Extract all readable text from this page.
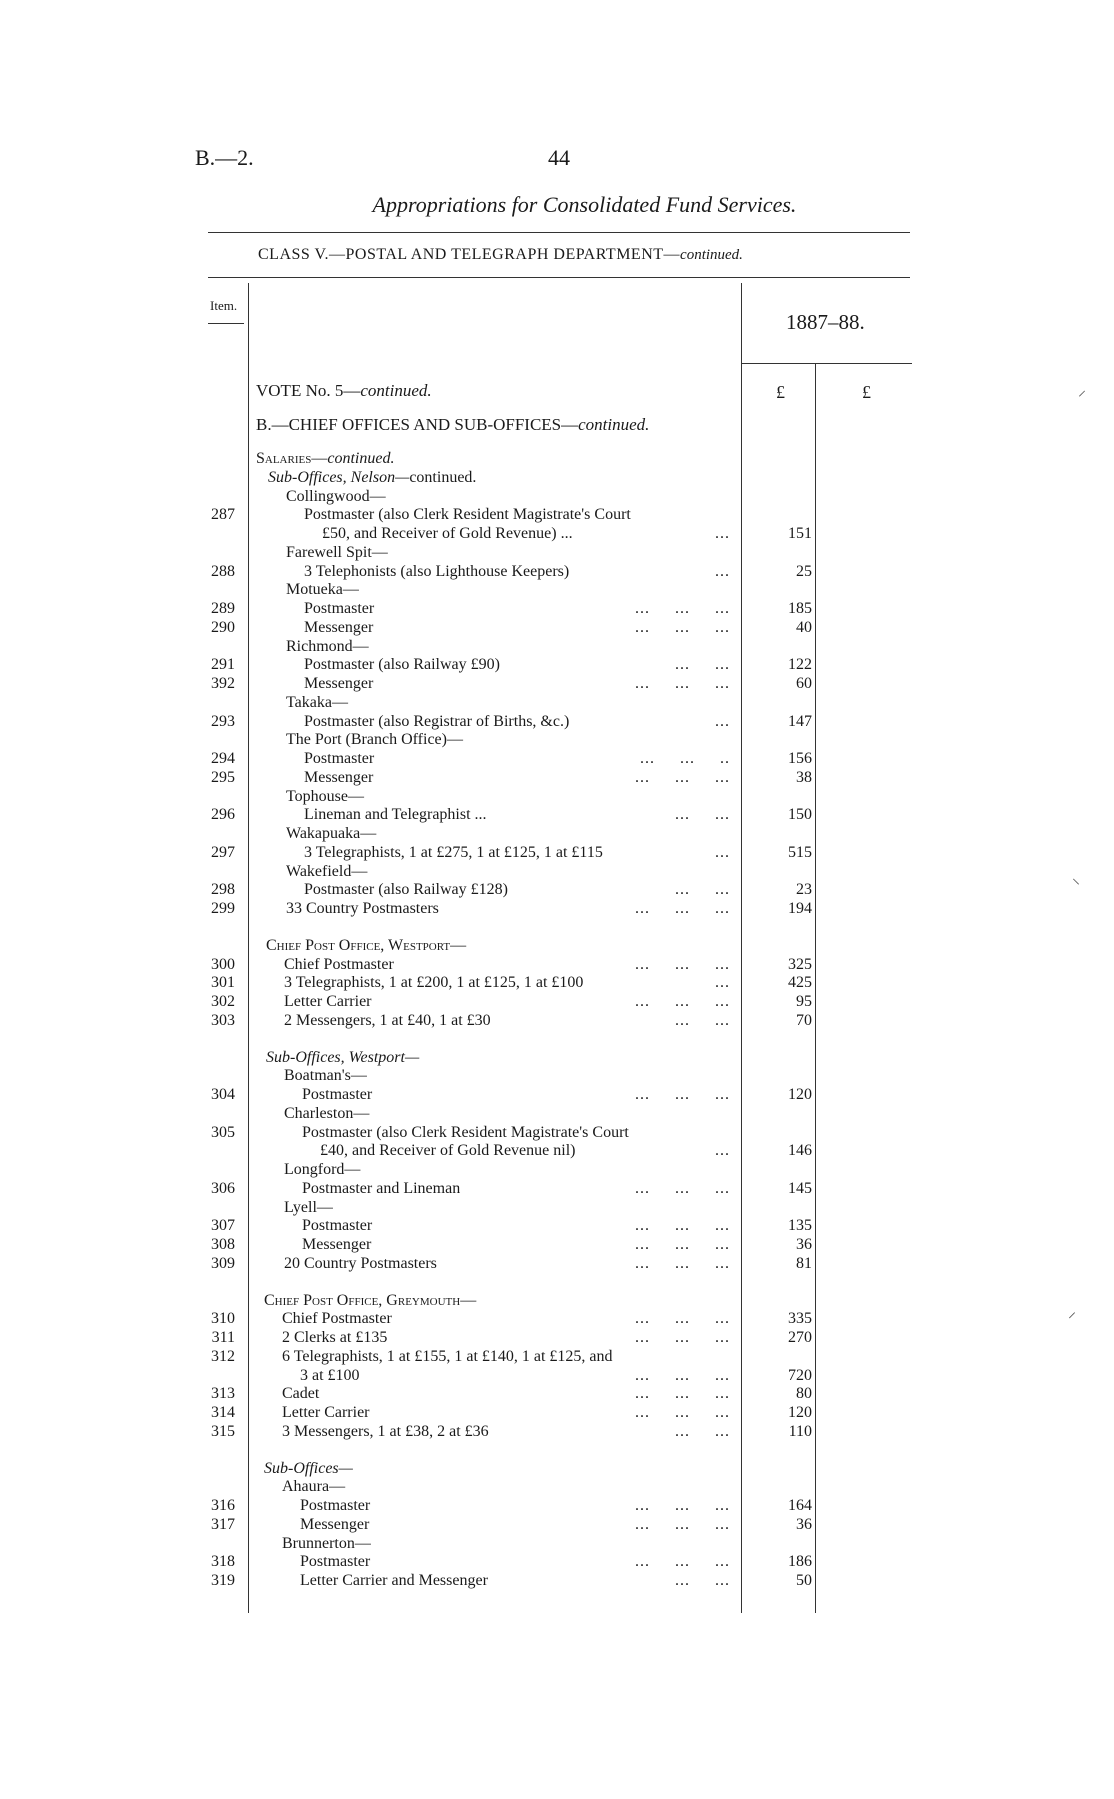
B.—2.	44
Appropriations for Consolidated Fund Services.
CLASS V.—POSTAL AND TELEGRAPH DEPARTMENT—continued.
Item.
1887–88.
£	£	⸍
⸌
⸝
VOTE No. 5—continued.
B.—CHIEF OFFICES AND SUB-OFFICES—continued.
Salaries—continued.
Sub-Offices, Nelson—continued.
Collingwood—
287	Postmaster (also Clerk Resident Magistrate's Court
£50, and Receiver of Gold Revenue) ...	...	151
Farewell Spit—
288	3 Telephonists (also Lighthouse Keepers)	...	25
Motueka—
289	Postmaster	...     ...     ...	185
290	Messenger	...     ...     ...	40
Richmond—
291	Postmaster (also Railway £90)	...     ...	122
392	Messenger	...     ...     ...	60
Takaka—
293	Postmaster (also Registrar of Births, &c.)	...	147
The Port (Branch Office)—
294	Postmaster	...     ...     ..	156
295	Messenger	...     ...     ...	38
Tophouse—
296	Lineman and Telegraphist ...	...     ...	150
Wakapuaka—
297	3 Telegraphists, 1 at £275, 1 at £125, 1 at £115	...	515
Wakefield—
298	Postmaster (also Railway £128)	...     ...	23
299	33 Country Postmasters	...     ...     ...	194
Chief Post Office, Westport—
300	Chief Postmaster	...     ...     ...	325
301	3 Telegraphists, 1 at £200, 1 at £125, 1 at £100	...	425
302	Letter Carrier	...     ...     ...	95
303	2 Messengers, 1 at £40, 1 at £30	...     ...	70
Sub-Offices, Westport—
Boatman's—
304	Postmaster	...     ...     ...	120
Charleston—
305	Postmaster (also Clerk Resident Magistrate's Court
£40, and Receiver of Gold Revenue nil)	...	146
Longford—
306	Postmaster and Lineman	...     ...     ...	145
Lyell—
307	Postmaster	...     ...     ...	135
308	Messenger	...     ...     ...	36
309	20 Country Postmasters	...     ...     ...	81
Chief Post Office, Greymouth—
310	Chief Postmaster	...     ...     ...	335
311	2 Clerks at £135	...     ...     ...	270
312	6 Telegraphists, 1 at £155, 1 at £140, 1 at £125, and
3 at £100	...     ...     ...	720
313	Cadet	...     ...     ...	80
314	Letter Carrier	...     ...     ...	120
315	3 Messengers, 1 at £38, 2 at £36	...     ...	110
Sub-Offices—
Ahaura—
316	Postmaster	...     ...     ...	164
317	Messenger	...     ...     ...	36
Brunnerton—
318	Postmaster	...     ...     ...	186
319	Letter Carrier and Messenger	...     ...	50
